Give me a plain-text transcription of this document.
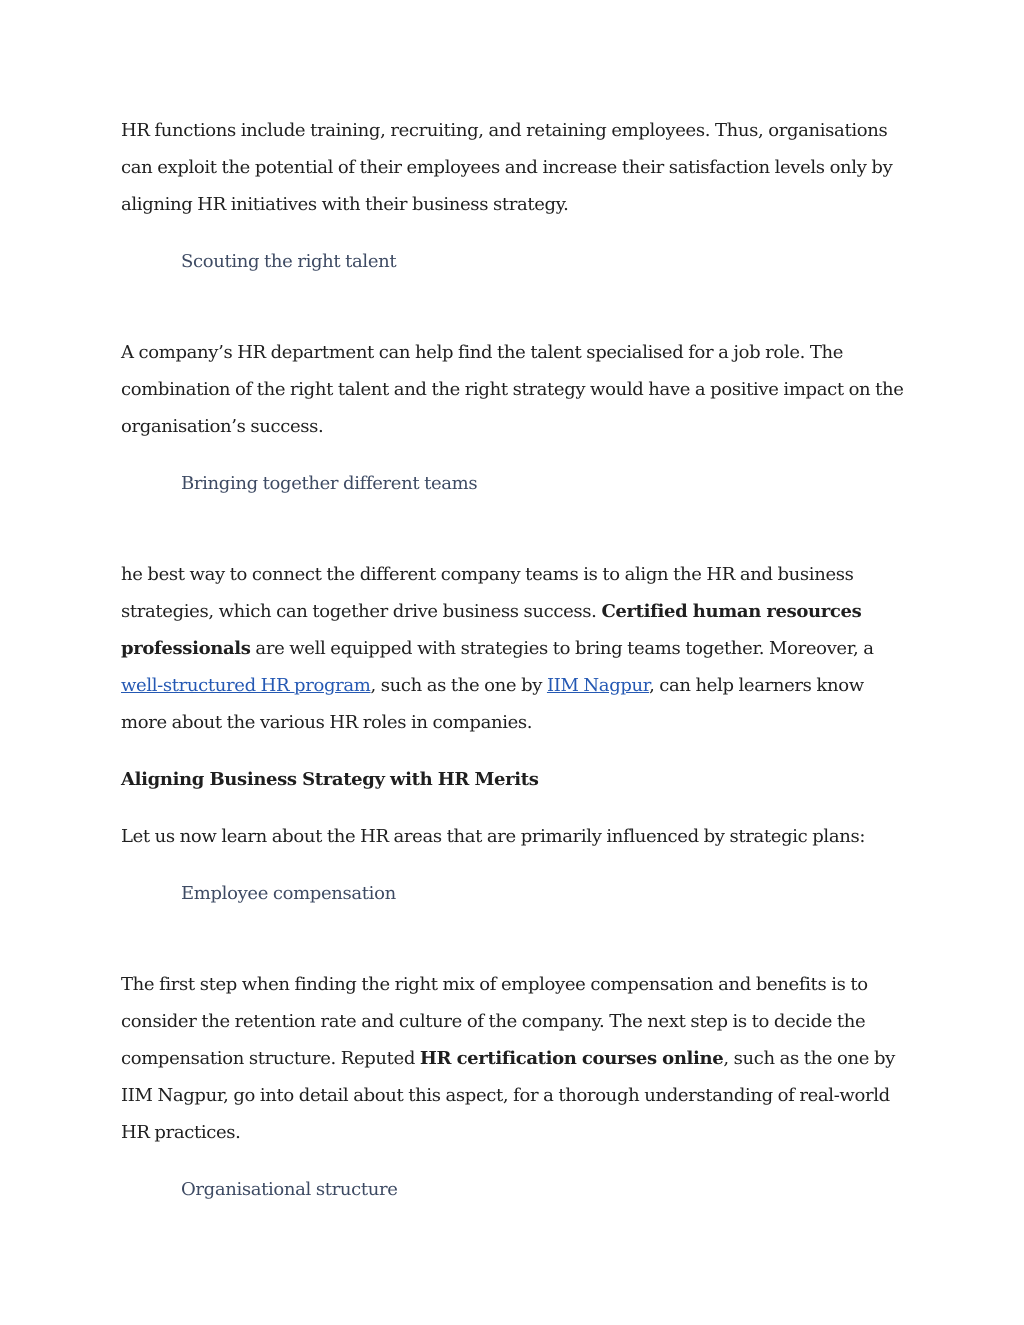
HR functions include training, recruiting, and retaining employees. Thus, organisations can exploit the potential of their employees and increase their satisfaction levels only by aligning HR initiatives with their business strategy.

Scouting the right talent

A company’s HR department can help find the talent specialised for a job role. The combination of the right talent and the right strategy would have a positive impact on the organisation’s success.

Bringing together different teams

he best way to connect the different company teams is to align the HR and business strategies, which can together drive business success. Certified human resources professionals are well equipped with strategies to bring teams together. Moreover, a well-structured HR program, such as the one by IIM Nagpur, can help learners know more about the various HR roles in companies.

Aligning Business Strategy with HR Merits

Let us now learn about the HR areas that are primarily influenced by strategic plans:

Employee compensation

The first step when finding the right mix of employee compensation and benefits is to consider the retention rate and culture of the company. The next step is to decide the compensation structure. Reputed HR certification courses online, such as the one by IIM Nagpur, go into detail about this aspect, for a thorough understanding of real-world HR practices.

Organisational structure
